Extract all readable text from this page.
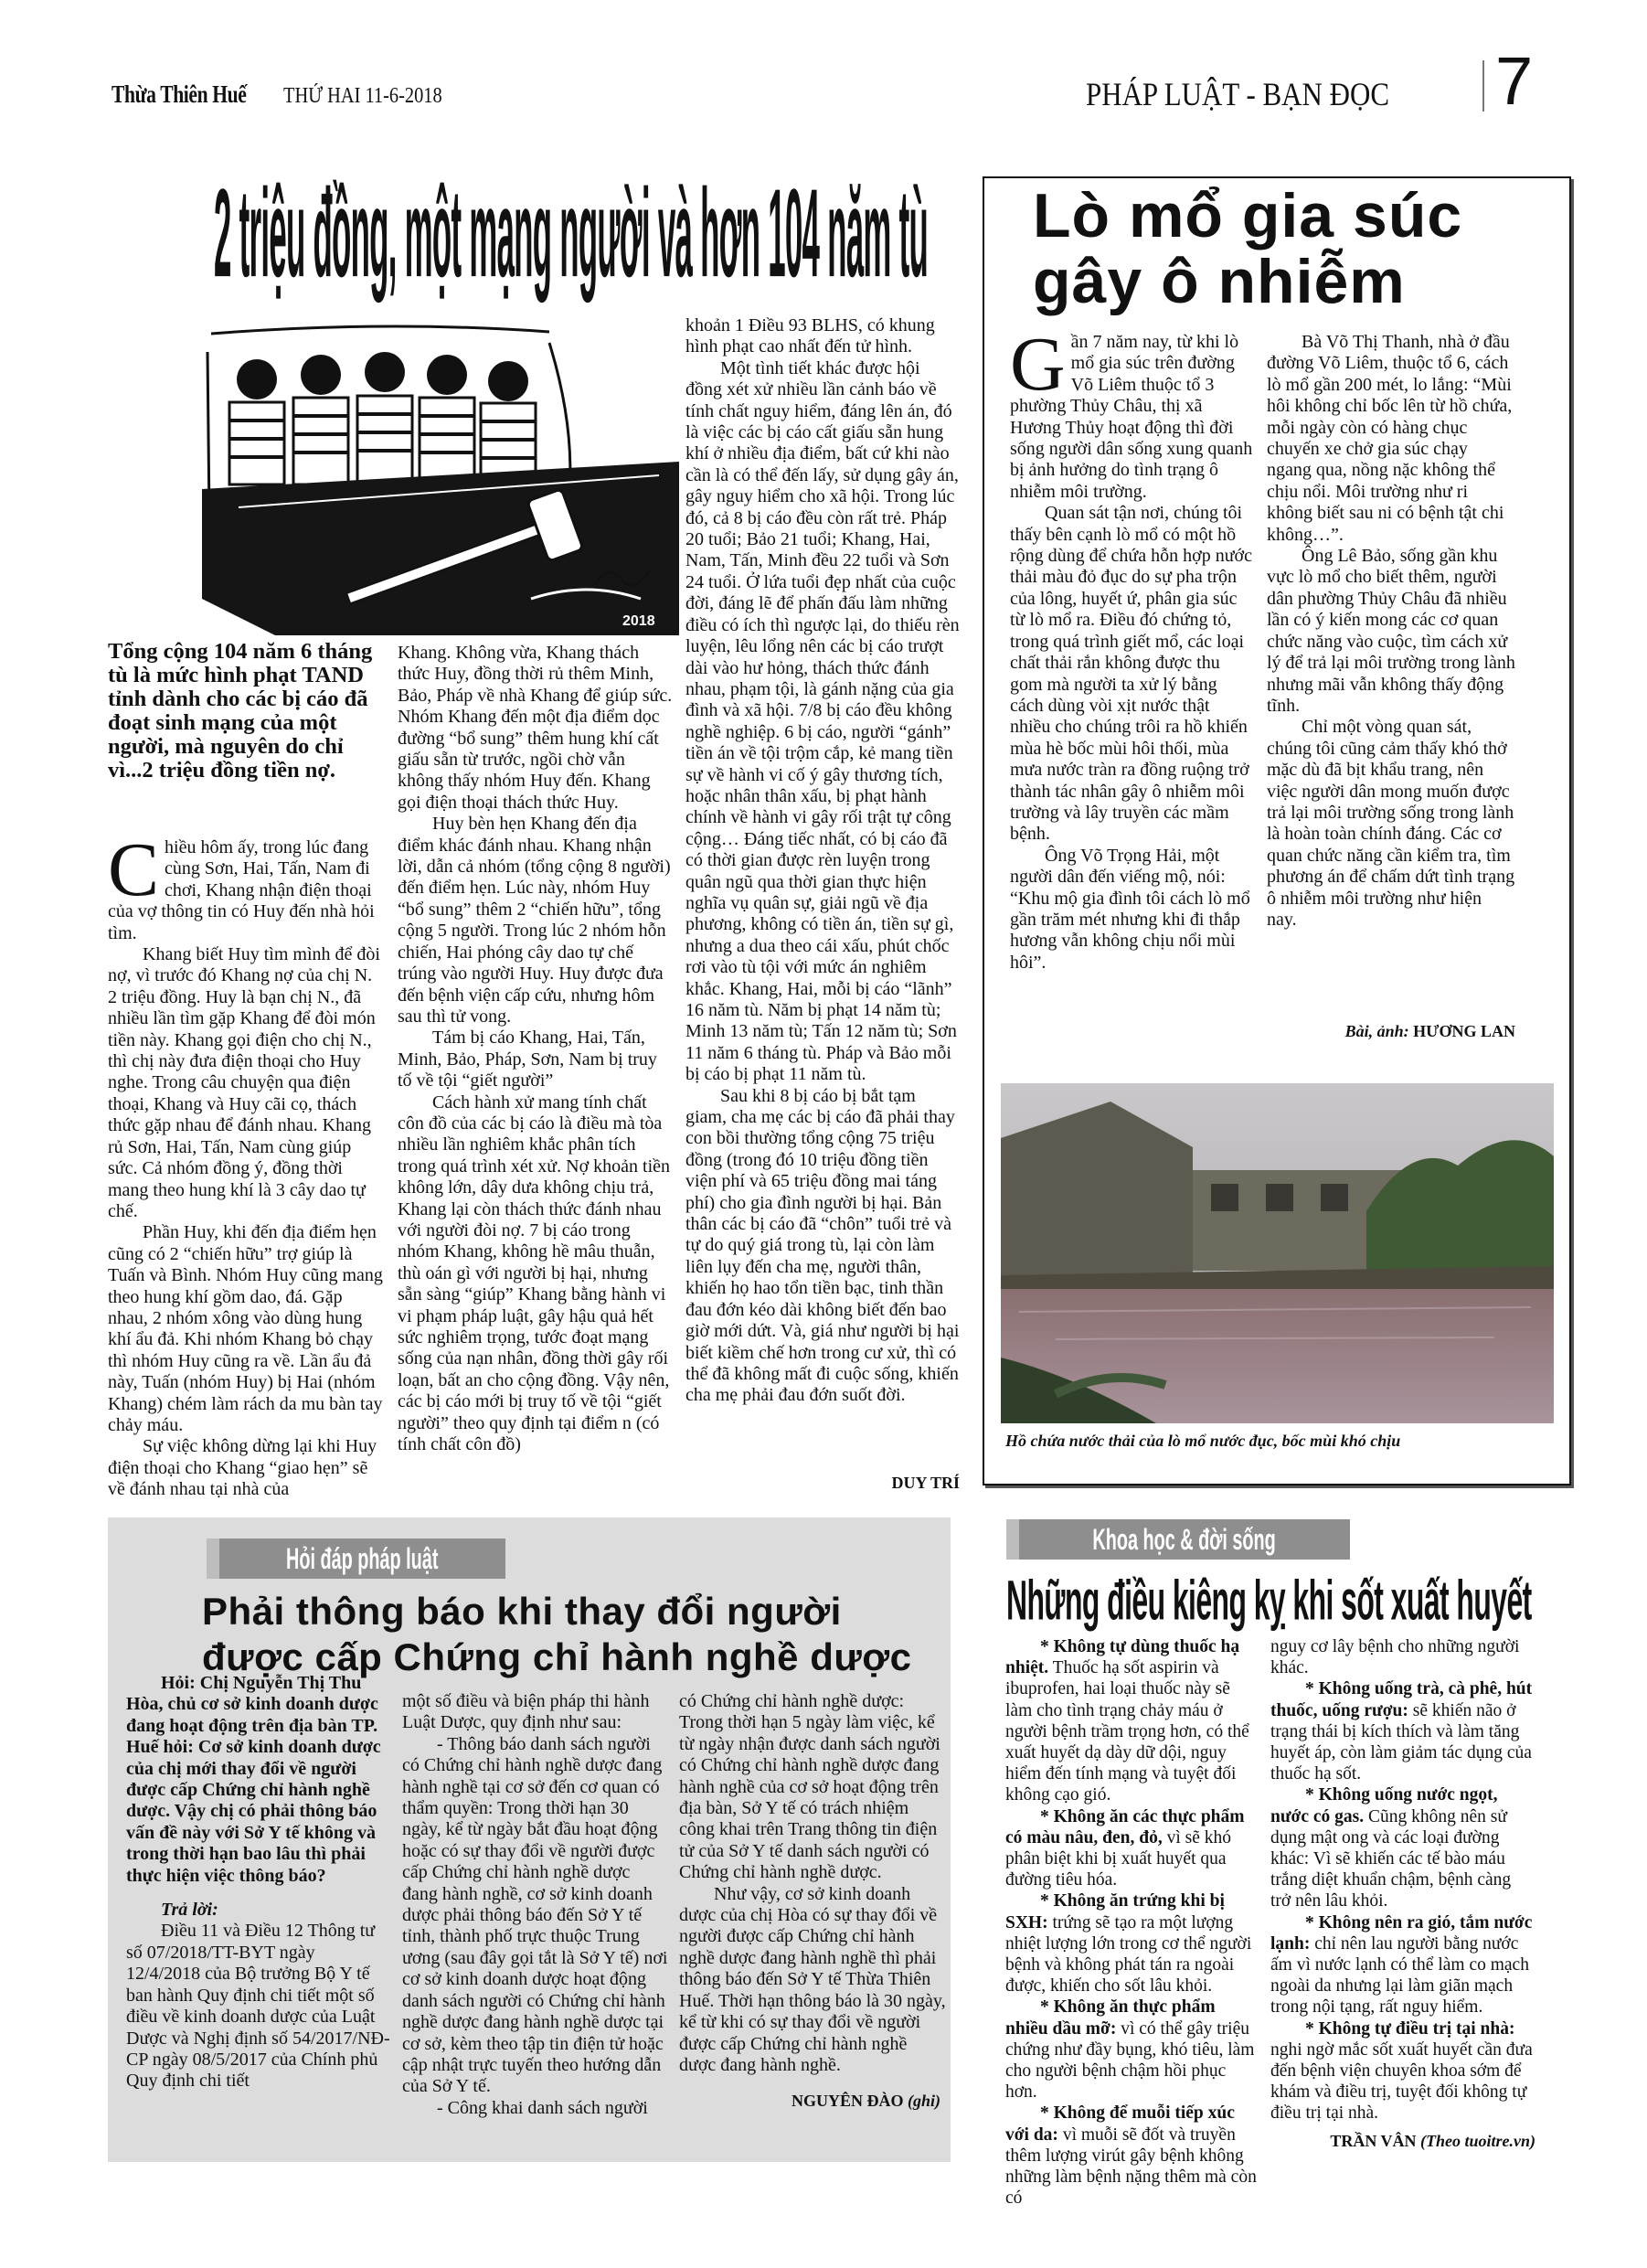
Thừa Thiên Huế THỨ HAI 11-6-2018	PHÁP LUẬT - BẠN ĐỌC 7
2 triệu đồng, một mạng người và hơn 104 năm tù
2018
Tổng cộng 104 năm 6 tháng tù là mức hình phạt TAND tỉnh dành cho các bị cáo đã đoạt sinh mạng của một người, mà nguyên do chỉ vì...2 triệu đồng tiền nợ.

Chiều hôm ấy, trong lúc đang cùng Sơn, Hai, Tấn, Nam đi chơi, Khang nhận điện thoại của vợ thông tin có Huy đến nhà hỏi tìm.

Khang biết Huy tìm mình để đòi nợ, vì trước đó Khang nợ của chị N. 2 triệu đồng. Huy là bạn chị N., đã nhiều lần tìm gặp Khang để đòi món tiền này. Khang gọi điện cho chị N., thì chị này đưa điện thoại cho Huy nghe. Trong câu chuyện qua điện thoại, Khang và Huy cãi cọ, thách thức gặp nhau để đánh nhau. Khang rủ Sơn, Hai, Tấn, Nam cùng giúp sức. Cả nhóm đồng ý, đồng thời mang theo hung khí là 3 cây dao tự chế.

Phần Huy, khi đến địa điểm hẹn cũng có 2 “chiến hữu” trợ giúp là Tuấn và Bình. Nhóm Huy cũng mang theo hung khí gồm dao, đá. Gặp nhau, 2 nhóm xông vào dùng hung khí ẩu đả. Khi nhóm Khang bỏ chạy thì nhóm Huy cũng ra về. Lần ẩu đả này, Tuấn (nhóm Huy) bị Hai (nhóm Khang) chém làm rách da mu bàn tay chảy máu.

Sự việc không dừng lại khi Huy điện thoại cho Khang “giao hẹn” sẽ về đánh nhau tại nhà của

Khang. Không vừa, Khang thách thức Huy, đồng thời rủ thêm Minh, Bảo, Pháp về nhà Khang để giúp sức. Nhóm Khang đến một địa điểm dọc đường “bổ sung” thêm hung khí cất giấu sẵn từ trước, ngồi chờ vẫn không thấy nhóm Huy đến. Khang gọi điện thoại thách thức Huy.

Huy bèn hẹn Khang đến địa điểm khác đánh nhau. Khang nhận lời, dẫn cả nhóm (tổng cộng 8 người) đến điểm hẹn. Lúc này, nhóm Huy “bổ sung” thêm 2 “chiến hữu”, tổng cộng 5 người. Trong lúc 2 nhóm hỗn chiến, Hai phóng cây dao tự chế trúng vào người Huy. Huy được đưa đến bệnh viện cấp cứu, nhưng hôm sau thì tử vong.

Tám bị cáo Khang, Hai, Tấn, Minh, Bảo, Pháp, Sơn, Nam bị truy tố về tội “giết người”

Cách hành xử mang tính chất côn đồ của các bị cáo là điều mà tòa nhiều lần nghiêm khắc phân tích trong quá trình xét xử. Nợ khoản tiền không lớn, dây dưa không chịu trả, Khang lại còn thách thức đánh nhau với người đòi nợ. 7 bị cáo trong nhóm Khang, không hề mâu thuẫn, thù oán gì với người bị hại, nhưng sẵn sàng “giúp” Khang bằng hành vi vi phạm pháp luật, gây hậu quả hết sức nghiêm trọng, tước đoạt mạng sống của nạn nhân, đồng thời gây rối loạn, bất an cho cộng đồng. Vậy nên, các bị cáo mới bị truy tố về tội “giết người” theo quy định tại điểm n (có tính chất côn đồ)

khoản 1 Điều 93 BLHS, có khung hình phạt cao nhất đến tử hình.

Một tình tiết khác được hội đồng xét xử nhiều lần cảnh báo về tính chất nguy hiểm, đáng lên án, đó là việc các bị cáo cất giấu sẵn hung khí ở nhiều địa điểm, bất cứ khi nào cần là có thể đến lấy, sử dụng gây án, gây nguy hiểm cho xã hội. Trong lúc đó, cả 8 bị cáo đều còn rất trẻ. Pháp 20 tuổi; Bảo 21 tuổi; Khang, Hai, Nam, Tấn, Minh đều 22 tuổi và Sơn 24 tuổi. Ở lứa tuổi đẹp nhất của cuộc đời, đáng lẽ để phấn đấu làm những điều có ích thì ngược lại, do thiếu rèn luyện, lêu lổng nên các bị cáo trượt dài vào hư hỏng, thách thức đánh nhau, phạm tội, là gánh nặng của gia đình và xã hội. 7/8 bị cáo đều không nghề nghiệp. 6 bị cáo, người “gánh” tiền án về tội trộm cắp, kẻ mang tiền sự về hành vi cố ý gây thương tích, hoặc nhân thân xấu, bị phạt hành chính về hành vi gây rối trật tự công cộng… Đáng tiếc nhất, có bị cáo đã có thời gian được rèn luyện trong quân ngũ qua thời gian thực hiện nghĩa vụ quân sự, giải ngũ về địa phương, không có tiền án, tiền sự gì, nhưng a dua theo cái xấu, phút chốc rơi vào tù tội với mức án nghiêm khắc. Khang, Hai, mỗi bị cáo “lãnh” 16 năm tù. Năm bị phạt 14 năm tù; Minh 13 năm tù; Tấn 12 năm tù; Sơn 11 năm 6 tháng tù. Pháp và Bảo mỗi bị cáo bị phạt 11 năm tù.

Sau khi 8 bị cáo bị bắt tạm giam, cha mẹ các bị cáo đã phải thay con bồi thường tổng cộng 75 triệu đồng (trong đó 10 triệu đồng tiền viện phí và 65 triệu đồng mai táng phí) cho gia đình người bị hại. Bản thân các bị cáo đã “chôn” tuổi trẻ và tự do quý giá trong tù, lại còn làm liên lụy đến cha mẹ, người thân, khiến họ hao tổn tiền bạc, tinh thần đau đớn kéo dài không biết đến bao giờ mới dứt. Và, giá như người bị hại biết kiềm chế hơn trong cư xử, thì có thể đã không mất đi cuộc sống, khiến cha mẹ phải đau đớn suốt đời.

DUY TRÍ
Lò mổ gia súc
gây ô nhiễm

Gần 7 năm nay, từ khi lò mổ gia súc trên đường Võ Liêm thuộc tổ 3 phường Thủy Châu, thị xã Hương Thủy hoạt động thì đời sống người dân sống xung quanh bị ảnh hưởng do tình trạng ô nhiễm môi trường.

Quan sát tận nơi, chúng tôi thấy bên cạnh lò mổ có một hồ rộng dùng để chứa hỗn hợp nước thải màu đỏ đục do sự pha trộn của lông, huyết ứ, phân gia súc từ lò mổ ra. Điều đó chứng tỏ, trong quá trình giết mổ, các loại chất thải rắn không được thu gom mà người ta xử lý bằng cách dùng vòi xịt nước thật nhiều cho chúng trôi ra hồ khiến mùa hè bốc mùi hôi thối, mùa mưa nước tràn ra đồng ruộng trở thành tác nhân gây ô nhiễm môi trường và lây truyền các mầm bệnh.

Ông Võ Trọng Hải, một người dân đến viếng mộ, nói: “Khu mộ gia đình tôi cách lò mổ gần trăm mét nhưng khi đi thắp hương vẫn không chịu nổi mùi hôi”.

Bà Võ Thị Thanh, nhà ở đầu đường Võ Liêm, thuộc tổ 6, cách lò mổ gần 200 mét, lo lắng: “Mùi hôi không chỉ bốc lên từ hồ chứa, mỗi ngày còn có hàng chục chuyến xe chở gia súc chạy ngang qua, nồng nặc không thể chịu nổi. Môi trường như ri không biết sau ni có bệnh tật chi không…”.

Ông Lê Bảo, sống gần khu vực lò mổ cho biết thêm, người dân phường Thủy Châu đã nhiều lần có ý kiến mong các cơ quan chức năng vào cuộc, tìm cách xử lý để trả lại môi trường trong lành nhưng mãi vẫn không thấy động tĩnh.

Chỉ một vòng quan sát, chúng tôi cũng cảm thấy khó thở mặc dù đã bịt khẩu trang, nên việc người dân mong muốn được trả lại môi trường sống trong lành là hoàn toàn chính đáng. Các cơ quan chức năng cần kiểm tra, tìm phương án để chấm dứt tình trạng ô nhiễm môi trường như hiện nay.

Bài, ảnh: HƯƠNG LAN
Hồ chứa nước thải của lò mổ nước đục, bốc mùi khó chịu
Hỏi đáp pháp luật
Phải thông báo khi thay đổi người
được cấp Chứng chỉ hành nghề dược

Hỏi: Chị Nguyễn Thị Thu Hòa, chủ cơ sở kinh doanh dược đang hoạt động trên địa bàn TP. Huế hỏi: Cơ sở kinh doanh dược của chị mới thay đổi về người được cấp Chứng chỉ hành nghề dược. Vậy chị có phải thông báo vấn đề này với Sở Y tế không và trong thời hạn bao lâu thì phải thực hiện việc thông báo?

Trả lời:

Điều 11 và Điều 12 Thông tư số 07/2018/TT-BYT ngày 12/4/2018 của Bộ trưởng Bộ Y tế ban hành Quy định chi tiết một số điều về kinh doanh dược của Luật Dược và Nghị định số 54/2017/NĐ-CP ngày 08/5/2017 của Chính phủ Quy định chi tiết

một số điều và biện pháp thi hành Luật Dược, quy định như sau:

- Thông báo danh sách người có Chứng chỉ hành nghề dược đang hành nghề tại cơ sở đến cơ quan có thẩm quyền: Trong thời hạn 30 ngày, kể từ ngày bắt đầu hoạt động hoặc có sự thay đổi về người được cấp Chứng chỉ hành nghề dược đang hành nghề, cơ sở kinh doanh dược phải thông báo đến Sở Y tế tỉnh, thành phố trực thuộc Trung ương (sau đây gọi tắt là Sở Y tế) nơi cơ sở kinh doanh dược hoạt động danh sách người có Chứng chỉ hành nghề dược đang hành nghề dược tại cơ sở, kèm theo tập tin điện tử hoặc cập nhật trực tuyến theo hướng dẫn của Sở Y tế.

- Công khai danh sách người

có Chứng chỉ hành nghề dược: Trong thời hạn 5 ngày làm việc, kể từ ngày nhận được danh sách người có Chứng chỉ hành nghề dược đang hành nghề của cơ sở hoạt động trên địa bàn, Sở Y tế có trách nhiệm công khai trên Trang thông tin điện tử của Sở Y tế danh sách người có Chứng chỉ hành nghề dược.

Như vậy, cơ sở kinh doanh dược của chị Hòa có sự thay đổi về người được cấp Chứng chỉ hành nghề dược đang hành nghề thì phải thông báo đến Sở Y tế Thừa Thiên Huế. Thời hạn thông báo là 30 ngày, kể từ khi có sự thay đổi về người được cấp Chứng chỉ hành nghề dược đang hành nghề.

NGUYÊN ĐÀO (ghi)
Khoa học & đời sống
Những điều kiêng kỵ khi sốt xuất huyết

* Không tự dùng thuốc hạ nhiệt. Thuốc hạ sốt aspirin và ibuprofen, hai loại thuốc này sẽ làm cho tình trạng chảy máu ở người bệnh trầm trọng hơn, có thể xuất huyết dạ dày dữ dội, nguy hiểm đến tính mạng và tuyệt đối không cạo gió.

* Không ăn các thực phẩm có màu nâu, đen, đỏ, vì sẽ khó phân biệt khi bị xuất huyết qua đường tiêu hóa.

* Không ăn trứng khi bị SXH: trứng sẽ tạo ra một lượng nhiệt lượng lớn trong cơ thể người bệnh và không phát tán ra ngoài được, khiến cho sốt lâu khỏi.

* Không ăn thực phẩm nhiều dầu mỡ: vì có thể gây triệu chứng như đầy bụng, khó tiêu, làm cho người bệnh chậm hồi phục hơn.

* Không để muỗi tiếp xúc với da: vì muỗi sẽ đốt và truyền thêm lượng virút gây bệnh không những làm bệnh nặng thêm mà còn có

nguy cơ lây bệnh cho những người khác.

* Không uống trà, cà phê, hút thuốc, uống rượu: sẽ khiến não ở trạng thái bị kích thích và làm tăng huyết áp, còn làm giảm tác dụng của thuốc hạ sốt.

* Không uống nước ngọt, nước có gas. Cũng không nên sử dụng mật ong và các loại đường khác: Vì sẽ khiến các tế bào máu trắng diệt khuẩn chậm, bệnh càng trở nên lâu khỏi.

* Không nên ra gió, tắm nước lạnh: chỉ nên lau người bằng nước ấm vì nước lạnh có thể làm co mạch ngoài da nhưng lại làm giãn mạch trong nội tạng, rất nguy hiểm.

* Không tự điều trị tại nhà: nghi ngờ mắc sốt xuất huyết cần đưa đến bệnh viện chuyên khoa sớm để khám và điều trị, tuyệt đối không tự điều trị tại nhà.

TRẦN VÂN (Theo tuoitre.vn)
